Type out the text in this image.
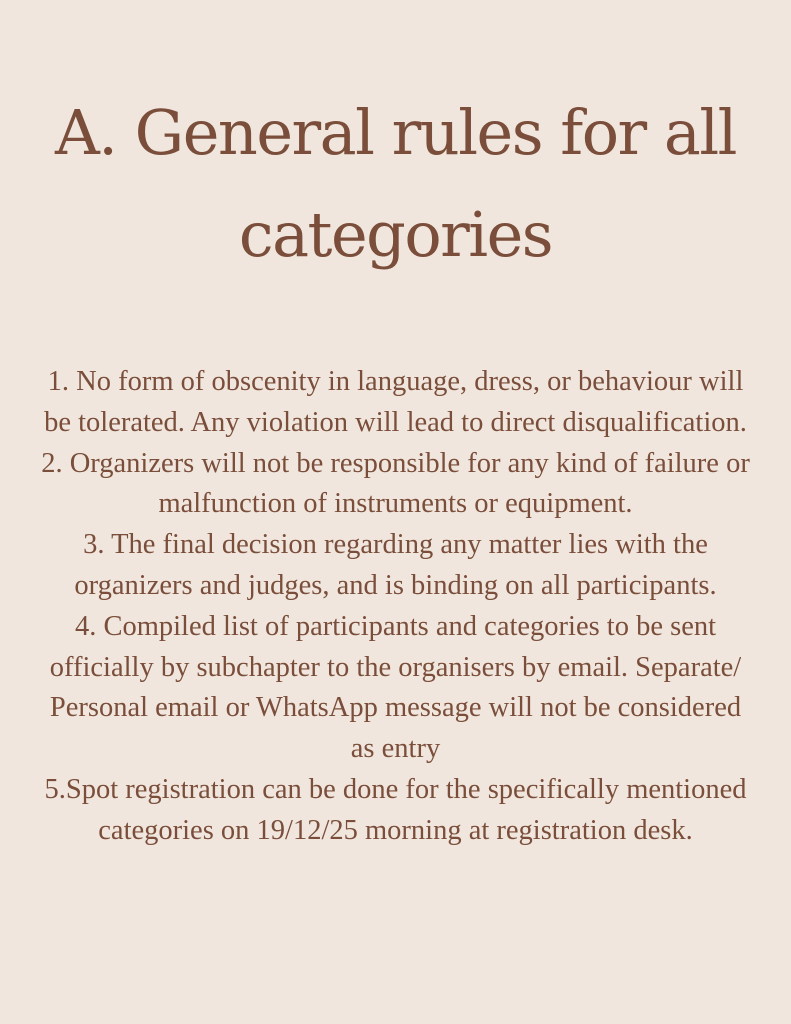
A. General rules for all categories
1. No form of obscenity in language, dress, or behaviour will be tolerated. Any violation will lead to direct disqualification.
2. Organizers will not be responsible for any kind of failure or malfunction of instruments or equipment.
3. The final decision regarding any matter lies with the organizers and judges, and is binding on all participants.
4. Compiled list of participants and categories to be sent officially by subchapter to the organisers by email. Separate/ Personal email or WhatsApp message will not be considered as entry
5.Spot registration can be done for the specifically mentioned categories on 19/12/25 morning at registration desk.
